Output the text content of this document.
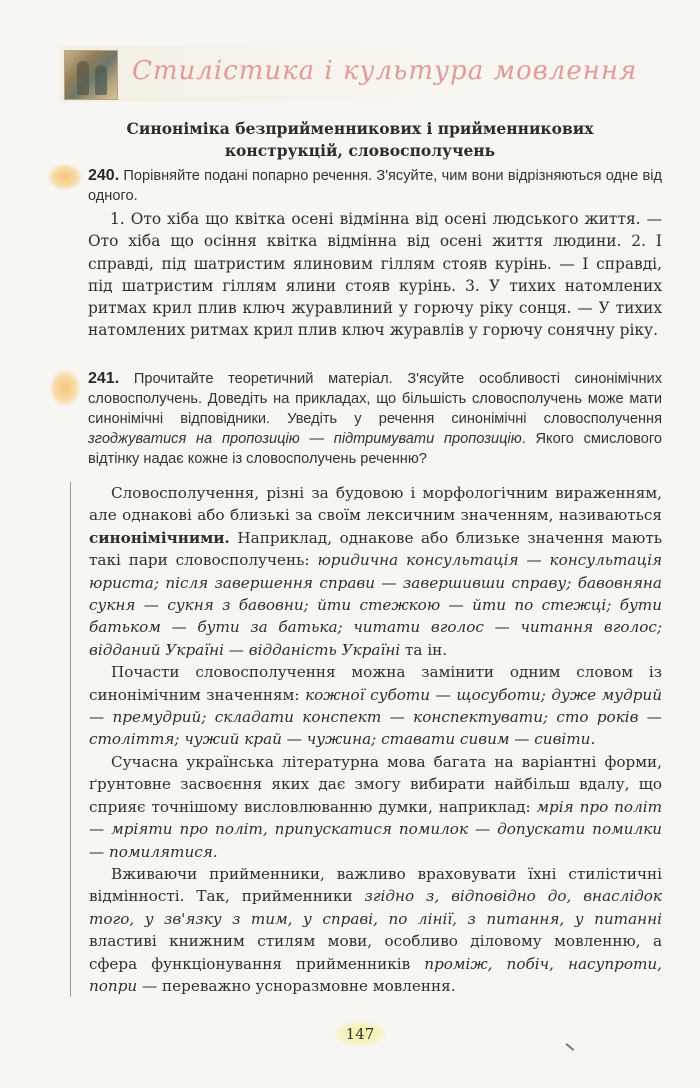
Стилістика і культура мовлення
Синоніміка безприйменникових і прийменникових
конструкцій, словосполучень
240. Порівняйте подані попарно речення. З'ясуйте, чим вони відрізняються одне від одного.
1. Ото хіба що квітка осені відмінна від осені людського життя. — Ото хіба що осіння квітка відмінна від осені життя людини. 2. І справді, під шатристим ялиновим гіллям стояв курінь. — І справді, під шатристим гіллям ялини стояв курінь. 3. У тихих натомлених ритмах крил плив ключ журавлиний у горючу ріку сонця. — У тихих натомлених ритмах крил плив ключ журавлів у горючу сонячну ріку.
241. Прочитайте теоретичний матеріал. З'ясуйте особливості синонімічних словосполучень. Доведіть на прикладах, що більшість словосполучень може мати синонімічні відповідники. Уведіть у речення синонімічні словосполучення згоджуватися на пропозицію — підтримувати пропозицію. Якого смислового відтінку надає кожне із словосполучень реченню?

Словосполучення, різні за будовою і морфологічним вираженням, але однакові або близькі за своїм лексичним значенням, називаються синонімічними. Наприклад, однакове або близьке значення мають такі пари словосполучень: юридична консультація — консультація юриста; після завершення справи — завершивши справу; бавовняна сукня — сукня з бавовни; йти стежкою — йти по стежці; бути батьком — бути за батька; читати вголос — читання вголос; відданий Україні — відданість Україні та ін.

Почасти словосполучення можна замінити одним словом із синонімічним значенням: кожної суботи — щосуботи; дуже мудрий — премудрий; складати конспект — конспектувати; сто років — століття; чужий край — чужина; ставати сивим — сивіти.

Сучасна українська літературна мова багата на варіантні форми, ґрунтовне засвоєння яких дає змогу вибирати найбільш вдалу, що сприяє точнішому висловлюванню думки, наприклад: мрія про політ — мріяти про політ, припускатися помилок — допускати помилки — помилятися.

Вживаючи прийменники, важливо враховувати їхні стилістичні відмінності. Так, прийменники згідно з, відповідно до, внаслідок того, у зв'язку з тим, у справі, по лінії, з питання, у питанні властиві книжним стилям мови, особливо діловому мовленню, а сфера функціонування прийменників проміж, побіч, насупроти, попри — переважно усноразмовне мовлення.

147
